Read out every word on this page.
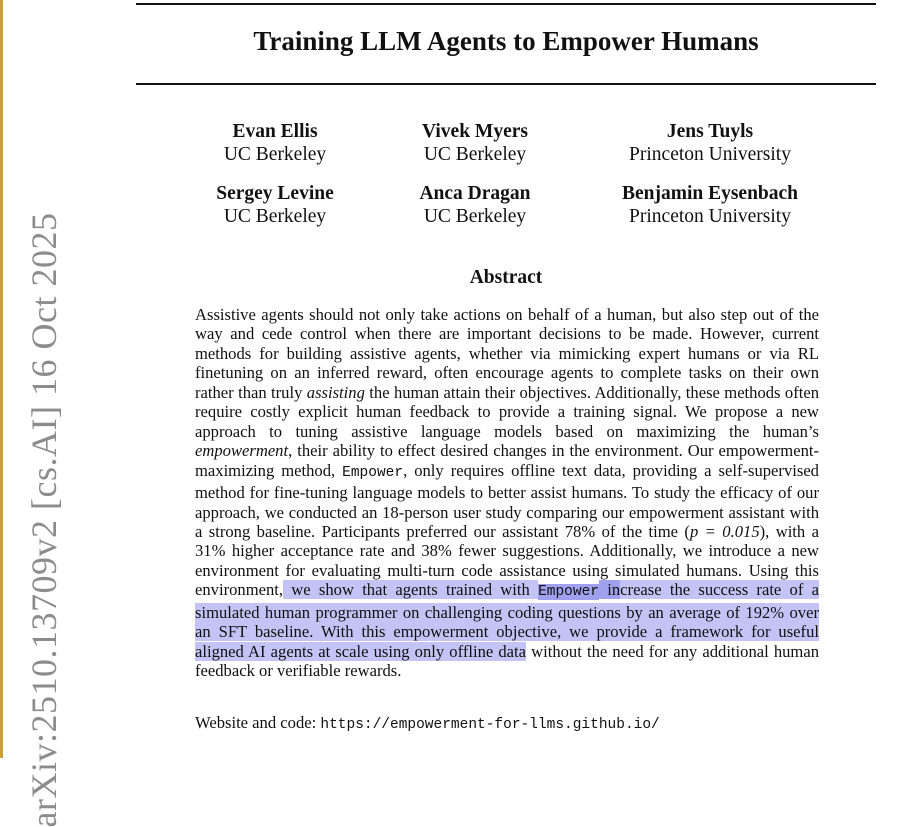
arXiv:2510.13709v2 [cs.AI] 16 Oct 2025
Training LLM Agents to Empower Humans
Evan Ellis
UC Berkeley
Vivek Myers
UC Berkeley
Jens Tuyls
Princeton University
Sergey Levine
UC Berkeley
Anca Dragan
UC Berkeley
Benjamin Eysenbach
Princeton University
Abstract

Assistive agents should not only take actions on behalf of a human, but also step out of the way and cede control when there are important decisions to be made. However, current methods for building assistive agents, whether via mimicking expert humans or via RL finetuning on an inferred reward, often encourage agents to complete tasks on their own rather than truly assisting the human attain their objectives. Additionally, these methods often require costly explicit human feedback to provide a training signal. We propose a new approach to tuning assistive language models based on maximizing the human’s empowerment, their ability to effect desired changes in the environment. Our empowerment-maximizing method, Empower, only requires offline text data, providing a self-supervised method for fine-tuning language models to better assist humans. To study the efficacy of our approach, we conducted an 18-person user study comparing our empowerment assistant with a strong baseline. Participants preferred our assistant 78% of the time (p = 0.015), with a 31% higher acceptance rate and 38% fewer suggestions. Additionally, we introduce a new environment for evaluating multi-turn code assistance using simulated humans. Using this environment, we show that agents trained with Empower increase the success rate of a simulated human programmer on challenging coding questions by an average of 192% over an SFT baseline. With this empowerment objective, we provide a framework for useful aligned AI agents at scale using only offline data without the need for any additional human feedback or verifiable rewards.

Website and code: https://empowerment-for-llms.github.io/
